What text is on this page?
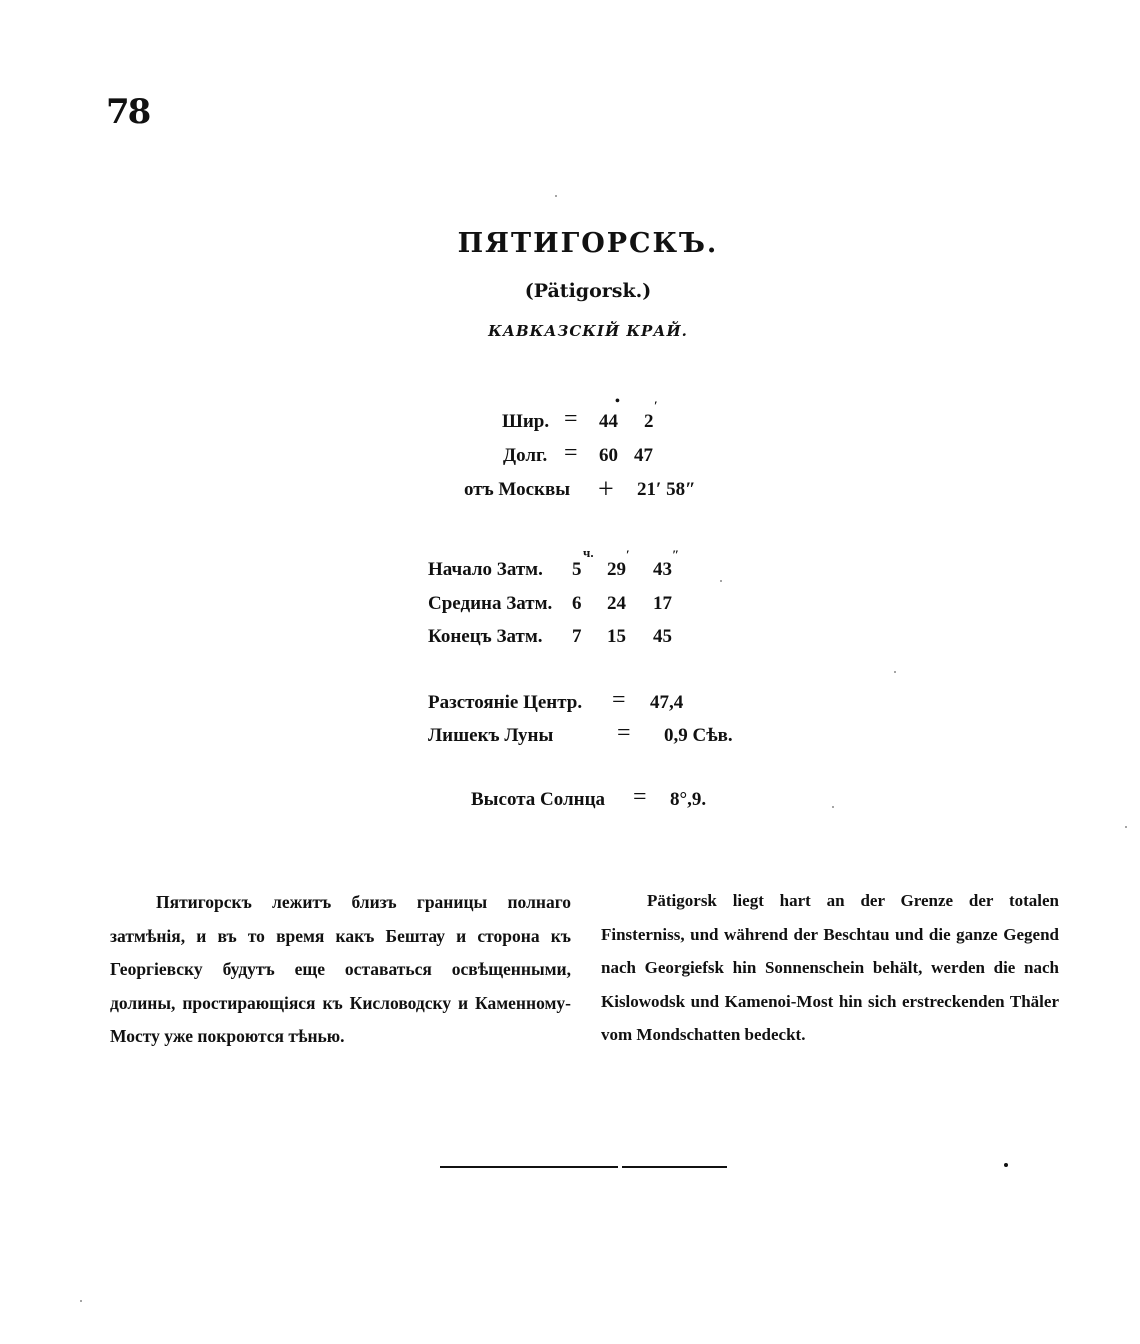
78
ПЯТИГОРСКЪ.
(Pätigorsk.)
КАВКАЗСКІЙ КРАЙ.
Шир. = 44
•
2
′
Долг. = 60 47
отъ Москвы + 21′ 58″
ч. ′	″
Начало Затм. 5 29 43
Средина Затм. 6 24 17
Конецъ Затм. 7 15 45
Разстояніе Центр. = 47,4
Лишекъ Луны	= 0,9 Сѣв.
Высота Солнца = 8°,9.
Пятигорскъ лежитъ близъ границы полнаго затмѣнія, и въ то время какъ Бештау и сторона къ Георгіевску будутъ еще оставаться освѣщенными, долины, простирающіяся къ Кисловодску и Каменному-Мосту уже покроются тѣнью.
Pätigorsk liegt hart an der Grenze der totalen Finsterniss, und während der Beschtau und die ganze Gegend nach Georgiefsk hin Sonnenschein behält, werden die nach Kislowodsk und Kamenoi-Most hin sich erstreckenden Thäler vom Mondschatten bedeckt.
